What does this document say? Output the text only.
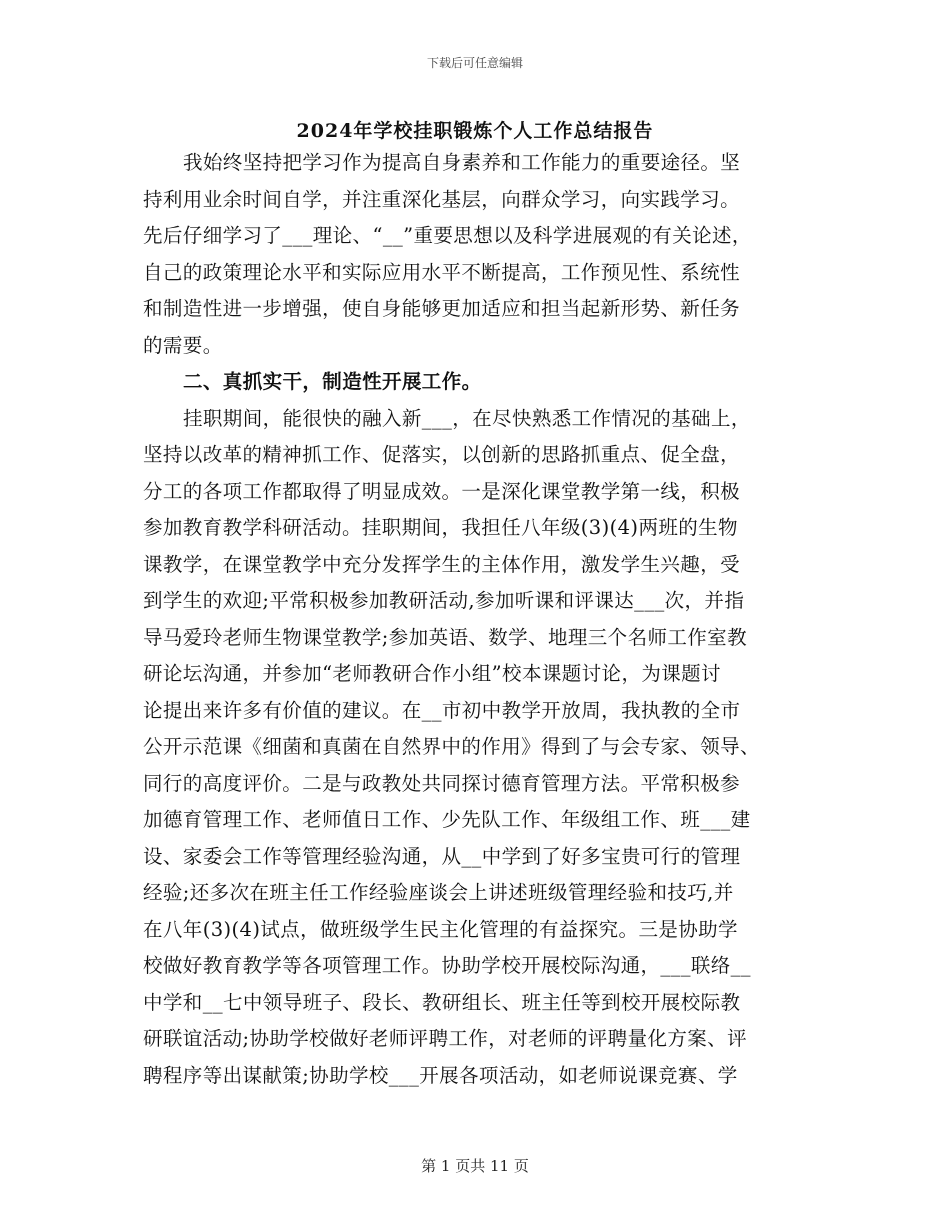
下载后可任意编辑
2024年学校挂职锻炼个人工作总结报告
我始终坚持把学习作为提高自身素养和工作能力的重要途径。坚
持利用业余时间自学，并注重深化基层，向群众学习，向实践学习。
先后仔细学习了___理论、“__”重要思想以及科学进展观的有关论述，
自己的政策理论水平和实际应用水平不断提高，工作预见性、系统性
和制造性进一步增强，使自身能够更加适应和担当起新形势、新任务
的需要。
二、真抓实干，制造性开展工作。
挂职期间，能很快的融入新___，在尽快熟悉工作情况的基础上，
坚持以改革的精神抓工作、促落实，以创新的思路抓重点、促全盘，
分工的各项工作都取得了明显成效。一是深化课堂教学第一线，积极
参加教育教学科研活动。挂职期间，我担任八年级(3)(4)两班的生物
课教学，在课堂教学中充分发挥学生的主体作用，激发学生兴趣，受
到学生的欢迎;平常积极参加教研活动,参加听课和评课达___次，并指
导马爱玲老师生物课堂教学;参加英语、数学、地理三个名师工作室教
研论坛沟通，并参加“老师教研合作小组”校本课题讨论，为课题讨
论提出来许多有价值的建议。在__市初中教学开放周，我执教的全市
公开示范课《细菌和真菌在自然界中的作用》得到了与会专家、领导、
同行的高度评价。二是与政教处共同探讨德育管理方法。平常积极参
加德育管理工作、老师值日工作、少先队工作、年级组工作、班___建
设、家委会工作等管理经验沟通，从__中学到了好多宝贵可行的管理
经验;还多次在班主任工作经验座谈会上讲述班级管理经验和技巧,并
在八年(3)(4)试点，做班级学生民主化管理的有益探究。三是协助学
校做好教育教学等各项管理工作。协助学校开展校际沟通，___联络__
中学和__七中领导班子、段长、教研组长、班主任等到校开展校际教
研联谊活动;协助学校做好老师评聘工作，对老师的评聘量化方案、评
聘程序等出谋献策;协助学校___开展各项活动，如老师说课竞赛、学
第 1 页共 11 页
